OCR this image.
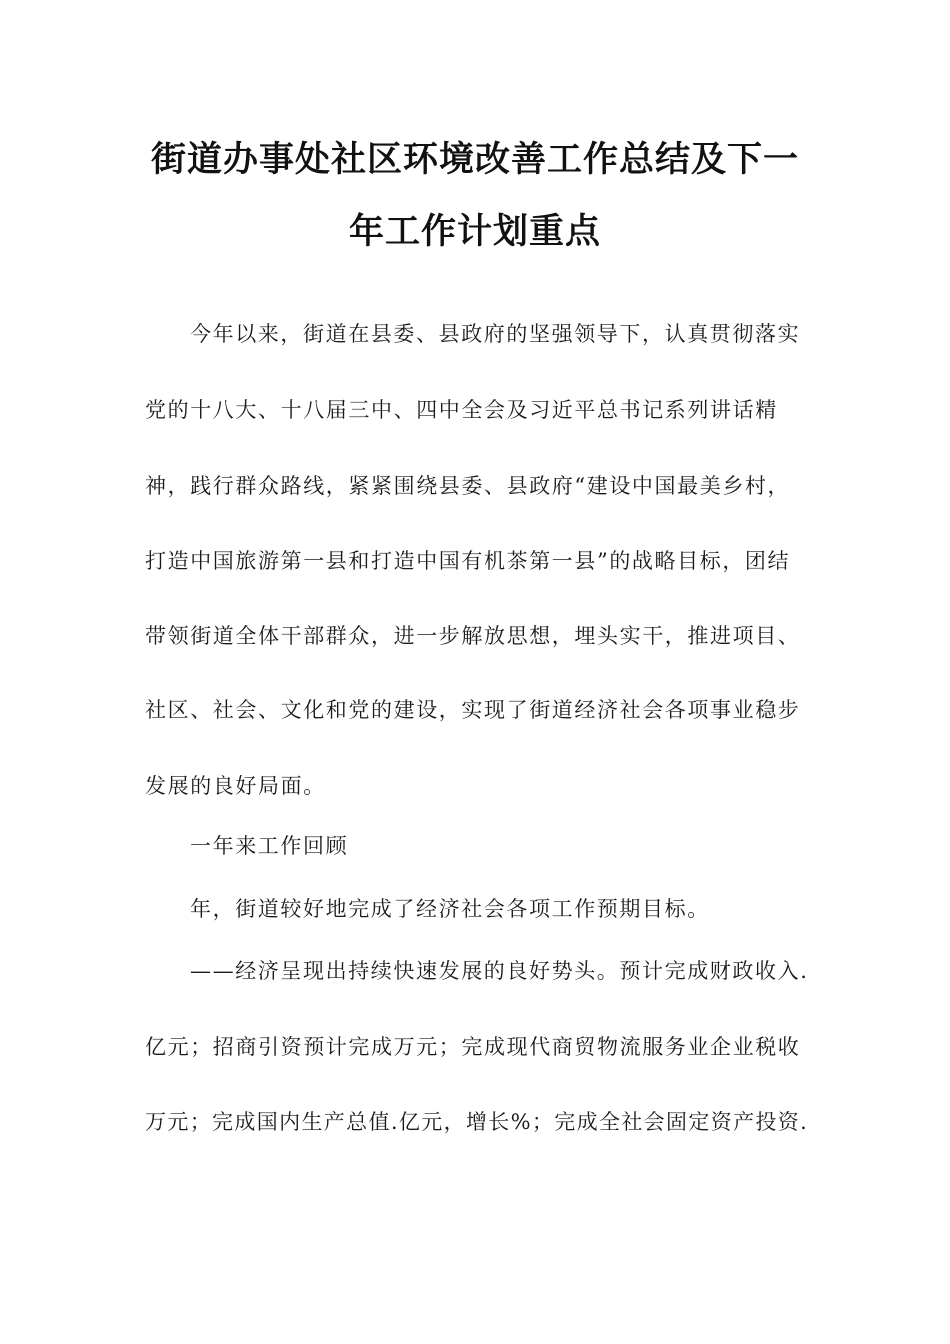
街道办事处社区环境改善工作总结及下一
年工作计划重点

今年以来，街道在县委、县政府的坚强领导下，认真贯彻落实

党的十八大、十八届三中、四中全会及习近平总书记系列讲话精

神，践行群众路线，紧紧围绕县委、县政府“建设中国最美乡村，

打造中国旅游第一县和打造中国有机茶第一县”的战略目标，团结

带领街道全体干部群众，进一步解放思想，埋头实干，推进项目、

社区、社会、文化和党的建设，实现了街道经济社会各项事业稳步

发展的良好局面。

一年来工作回顾

年，街道较好地完成了经济社会各项工作预期目标。

——经济呈现出持续快速发展的良好势头。预计完成财政收入.

亿元；招商引资预计完成万元；完成现代商贸物流服务业企业税收

万元；完成国内生产总值.亿元，增长%；完成全社会固定资产投资.
